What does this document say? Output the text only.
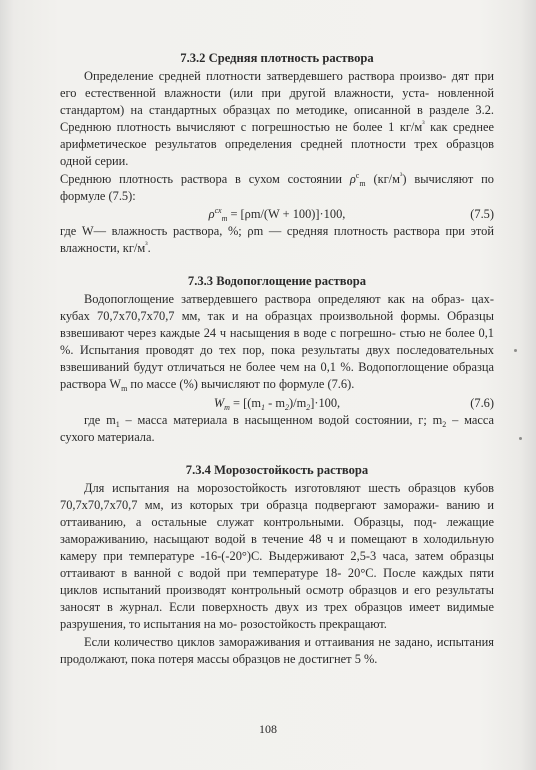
7.3.2 Средняя плотность раствора
Определение средней плотности затвердевшего раствора произво- дят при его естественной влажности (или при другой влажности, уста- новленной стандартом) на стандартных образцах по методике, описанной в разделе 3.2. Среднюю плотность вычисляют с погрешностью не более 1 $кг/м^{^3}$ как среднее арифметическое результатов определения средней плотности трех образцов одной серии.
Среднюю плотность раствора в сухом состоянии $\rho^с_m$ $(кг/м^{^3})$ вычисляют по формуле (7.5):
$\rho^{сх}_m = [\rho m/(W + 100)]\cdot 100$,	(7.5)
где W— влажность раствора, %; ρm — средняя плотность раствора при этой влажности, $кг/м^{^3}$.
7.3.3 Водопоглощение раствора
Водопоглощение затвердевшего раствора определяют как на образ- цах-кубах 70,7х70,7х70,7 мм, так и на образцах произвольной формы. Образцы взвешивают через каждые 24 ч насыщения в воде с погрешно- стью не более 0,1 %. Испытания проводят до тех пор, пока результаты двух последовательных взвешиваний будут отличаться не более чем на 0,1 %. Водопоглощение образца раствора $W_m$ по массе (%) вычисляют по формуле (7.6).
$W_m = [(m_1 - m_2)/m_2]\cdot 100$,	(7.6)
где $m_1$ – масса материала в насыщенном водой состоянии, г; $m_2$ – масса сухого материала.
7.3.4 Морозостойкость раствора
Для испытания на морозостойкость изготовляют шесть образцов кубов 70,7х70,7х70,7 мм, из которых три образца подвергают заморажи- ванию и оттаиванию, а остальные служат контрольными. Образцы, под- лежащие замораживанию, насыщают водой в течение 48 ч и помещают в холодильную камеру при температуре -16-(-20°)С. Выдерживают 2,5-3 часа, затем образцы оттаивают в ванной с водой при температуре 18- 20°С. После каждых пяти циклов испытаний производят контрольный осмотр образцов и его результаты заносят в журнал. Если поверхность двух из трех образцов имеет видимые разрушения, то испытания на мо- розостойкость прекращают.
Если количество циклов замораживания и оттаивания не задано, испытания продолжают, пока потеря массы образцов не достигнет 5 %.
108
